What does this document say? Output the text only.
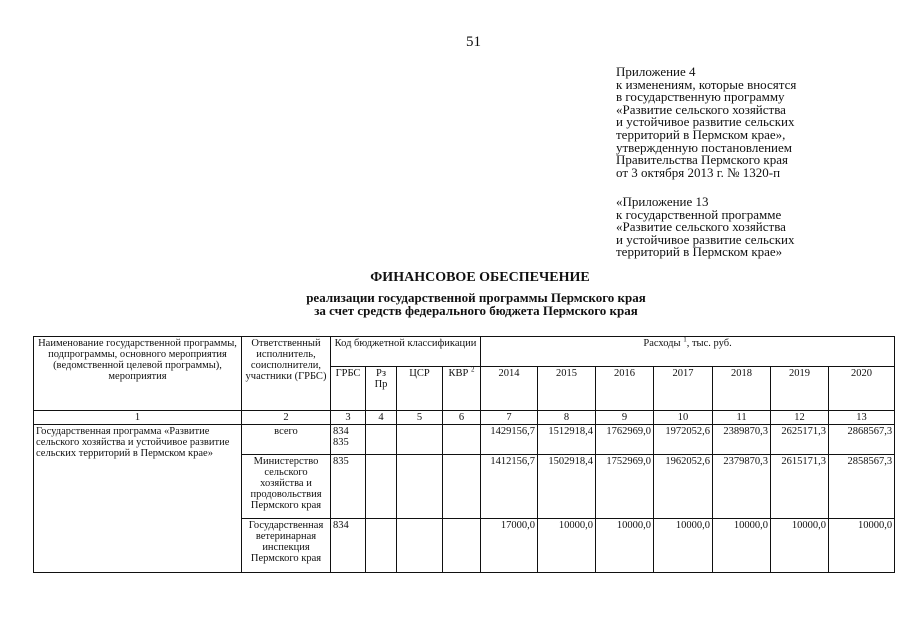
51
Приложение 4
к изменениям, которые вносятся
в государственную программу
«Развитие сельского хозяйства
и устойчивое развитие сельских
территорий в Пермском крае»,
утвержденную постановлением
Правительства Пермского края
от 3 октября 2013 г. № 1320-п
«Приложение 13
к государственной программе
«Развитие сельского хозяйства
и устойчивое развитие сельских
территорий в Пермском крае»
ФИНАНСОВОЕ ОБЕСПЕЧЕНИЕ
реализации государственной программы Пермского края
за счет средств федерального бюджета Пермского края
Наименование государственной программы, подпрограммы, основного мероприятия (ведомственной целевой программы), мероприятия	Ответственный исполнитель, соисполнители, участники (ГРБС)	Код бюджетной классификации				Расходы $^1$, тыс. руб.						
		ГРБС	Рз
Пр	ЦСР	КВР $^2$	2014	2015	2016	2017	2018	2019	2020
1	2	3	4	5	6	7	8	9	10	11	12	13
Государственная программа «Развитие сельского хозяйства и устойчивое развитие сельских территорий в Пермском крае»	всего	834
835				1429156,7	1512918,4	1762969,0	1972052,6	2389870,3	2625171,3	2868567,3
	Министерство сельского хозяйства и продовольствия Пермского края	835				1412156,7	1502918,4	1752969,0	1962052,6	2379870,3	2615171,3	2858567,3
	Государственная ветеринарная инспекция Пермского края	834				17000,0	10000,0	10000,0	10000,0	10000,0	10000,0	10000,0
